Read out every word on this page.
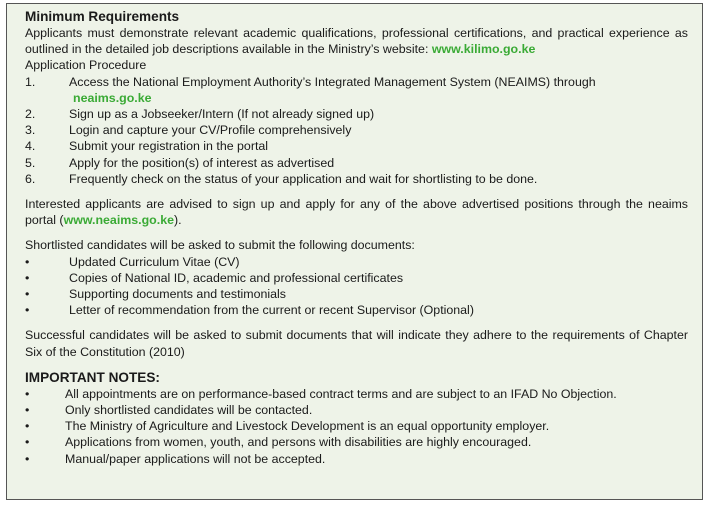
Minimum Requirements

Applicants must demonstrate relevant academic qualifications, professional certifications, and practical experience as outlined in the detailed job descriptions available in the Ministry’s website: www.kilimo.go.ke

Application Procedure

1.	Access the National Employment Authority’s Integrated Management System (NEAIMS) through
neaims.go.ke
2.	Sign up as a Jobseeker/Intern (If not already signed up)
3.	Login and capture your CV/Profile comprehensively
4.	Submit your registration in the portal
5.	Apply for the position(s) of interest as advertised
6.	Frequently check on the status of your application and wait for shortlisting to be done.

Interested applicants are advised to sign up and apply for any of the above advertised positions through the neaims portal (www.neaims.go.ke).

Shortlisted candidates will be asked to submit the following documents:

•	Updated Curriculum Vitae (CV)
•	Copies of National ID, academic and professional certificates
•	Supporting documents and testimonials
•	Letter of recommendation from the current or recent Supervisor (Optional)

Successful candidates will be asked to submit documents that will indicate they adhere to the requirements of Chapter Six of the Constitution (2010)

IMPORTANT NOTES:
•	All appointments are on performance-based contract terms and are subject to an IFAD No Objection.
•	Only shortlisted candidates will be contacted.
•	The Ministry of Agriculture and Livestock Development is an equal opportunity employer.
•	Applications from women, youth, and persons with disabilities are highly encouraged.
•	Manual/paper applications will not be accepted.
